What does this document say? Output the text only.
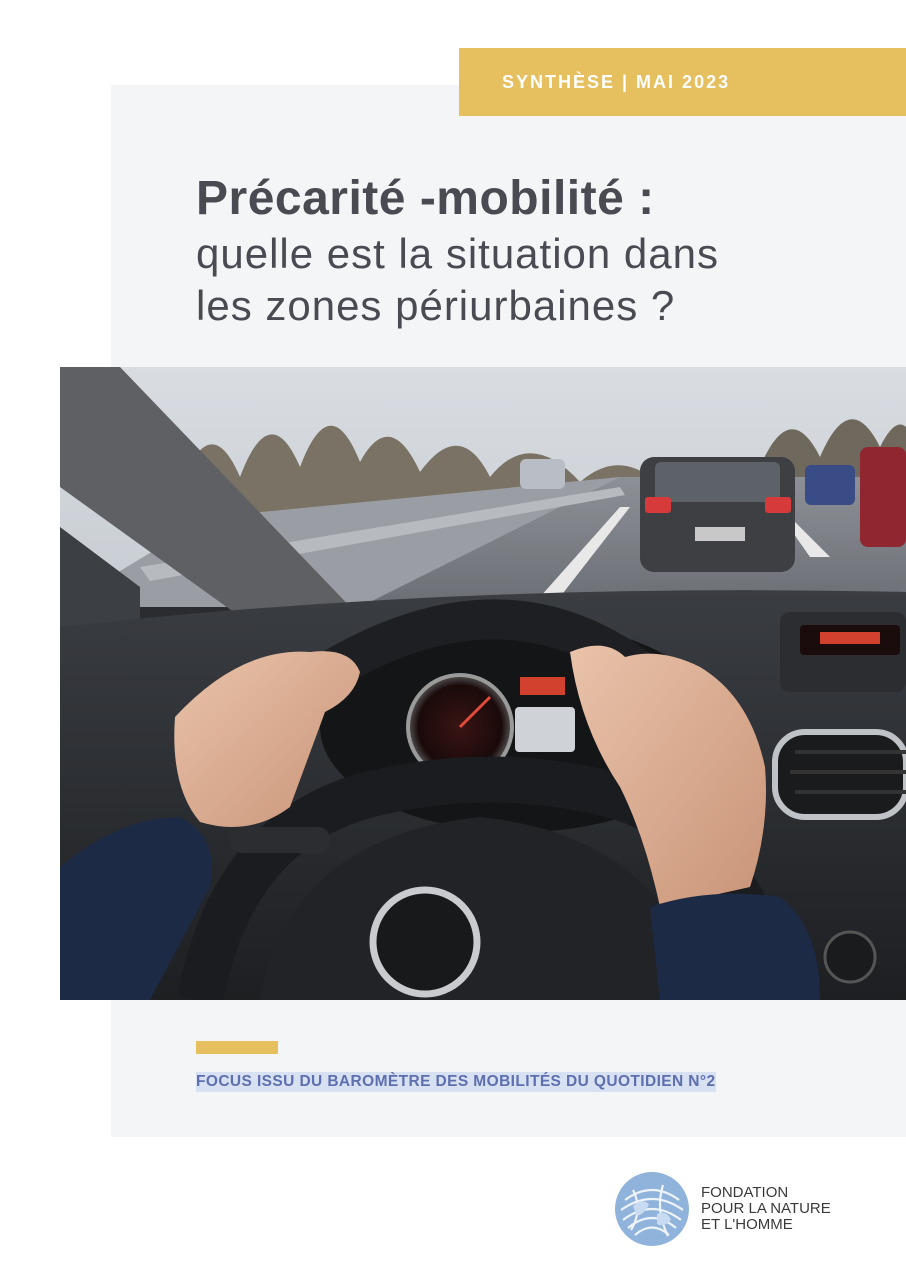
SYNTHÈSE | MAI 2023
Précarité -mobilité :
quelle est la situation dans
les zones périurbaines ?
FOCUS ISSU DU BAROMÈTRE DES MOBILITÉS DU QUOTIDIEN N°2
FONDATION
POUR LA NATURE
ET L'HOMME
